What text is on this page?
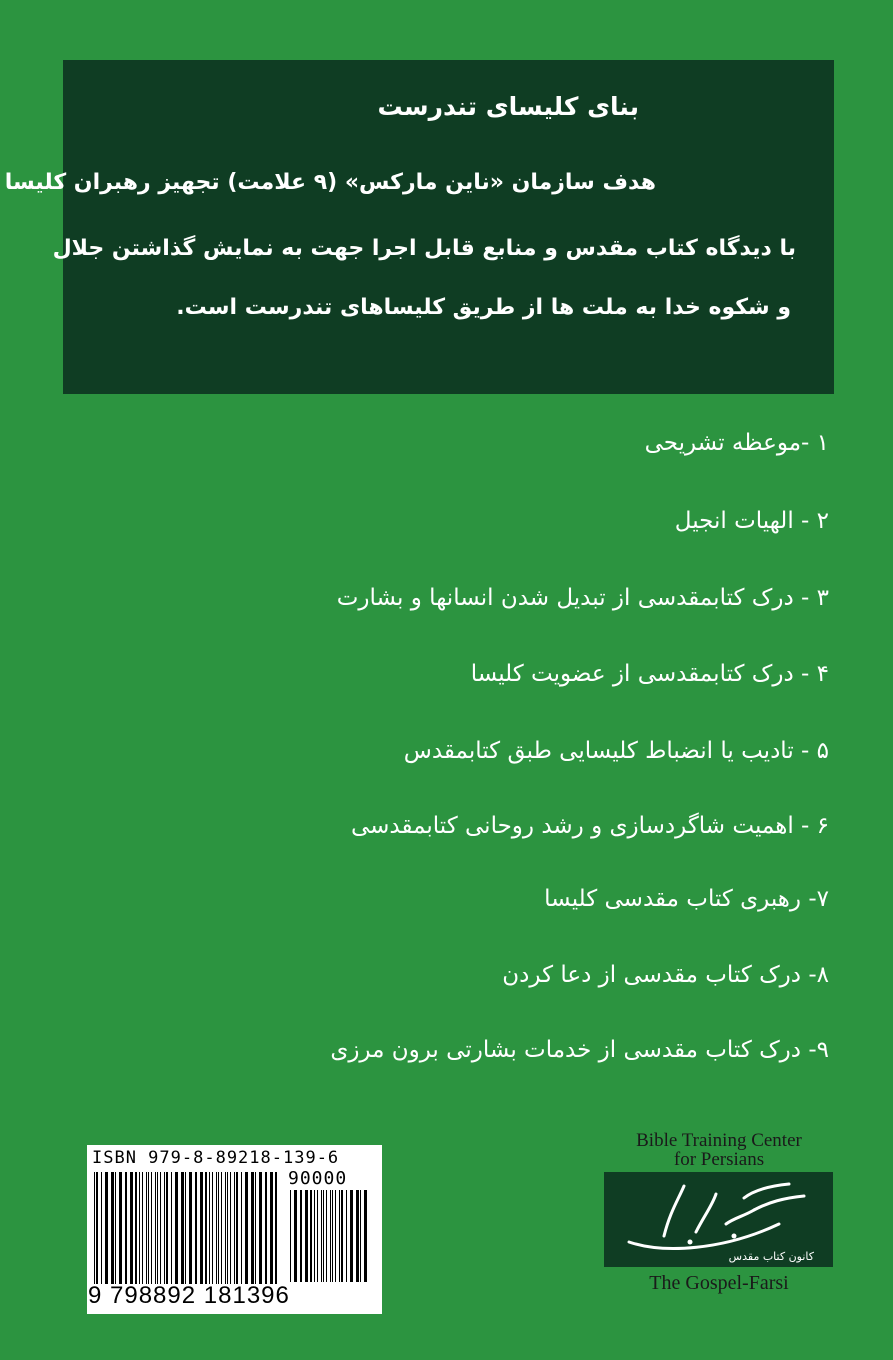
بنای کلیسای تندرست
هدف سازمان «ناین مارکس» (۹ علامت) تجهیز رهبران کلیسا
با دیدگاه کتاب مقدس و منابع قابل اجرا جهت به نمایش گذاشتن جلال
و شکوه خدا به ملت ها از طریق کلیساهای تندرست است.
۱ -موعظه تشریحی
۲ - الهیات انجیل
۳ - درک کتابمقدسی از تبدیل شدن انسانها و بشارت
۴ - درک کتابمقدسی از عضویت کلیسا
۵ - تادیب یا انضباط کلیسایی طبق کتابمقدس
۶ - اهمیت شاگردسازی و رشد روحانی کتابمقدسی
۷- رهبری کتاب مقدسی کلیسا
۸- درک کتاب مقدسی از دعا کردن
۹- درک کتاب مقدسی از خدمات بشارتی برون مرزی
ISBN 979-8-89218-139-6
90000
9 798892 181396
Bible Training Center
for Persians
کانون کتاب مقدس
The Gospel-Farsi
